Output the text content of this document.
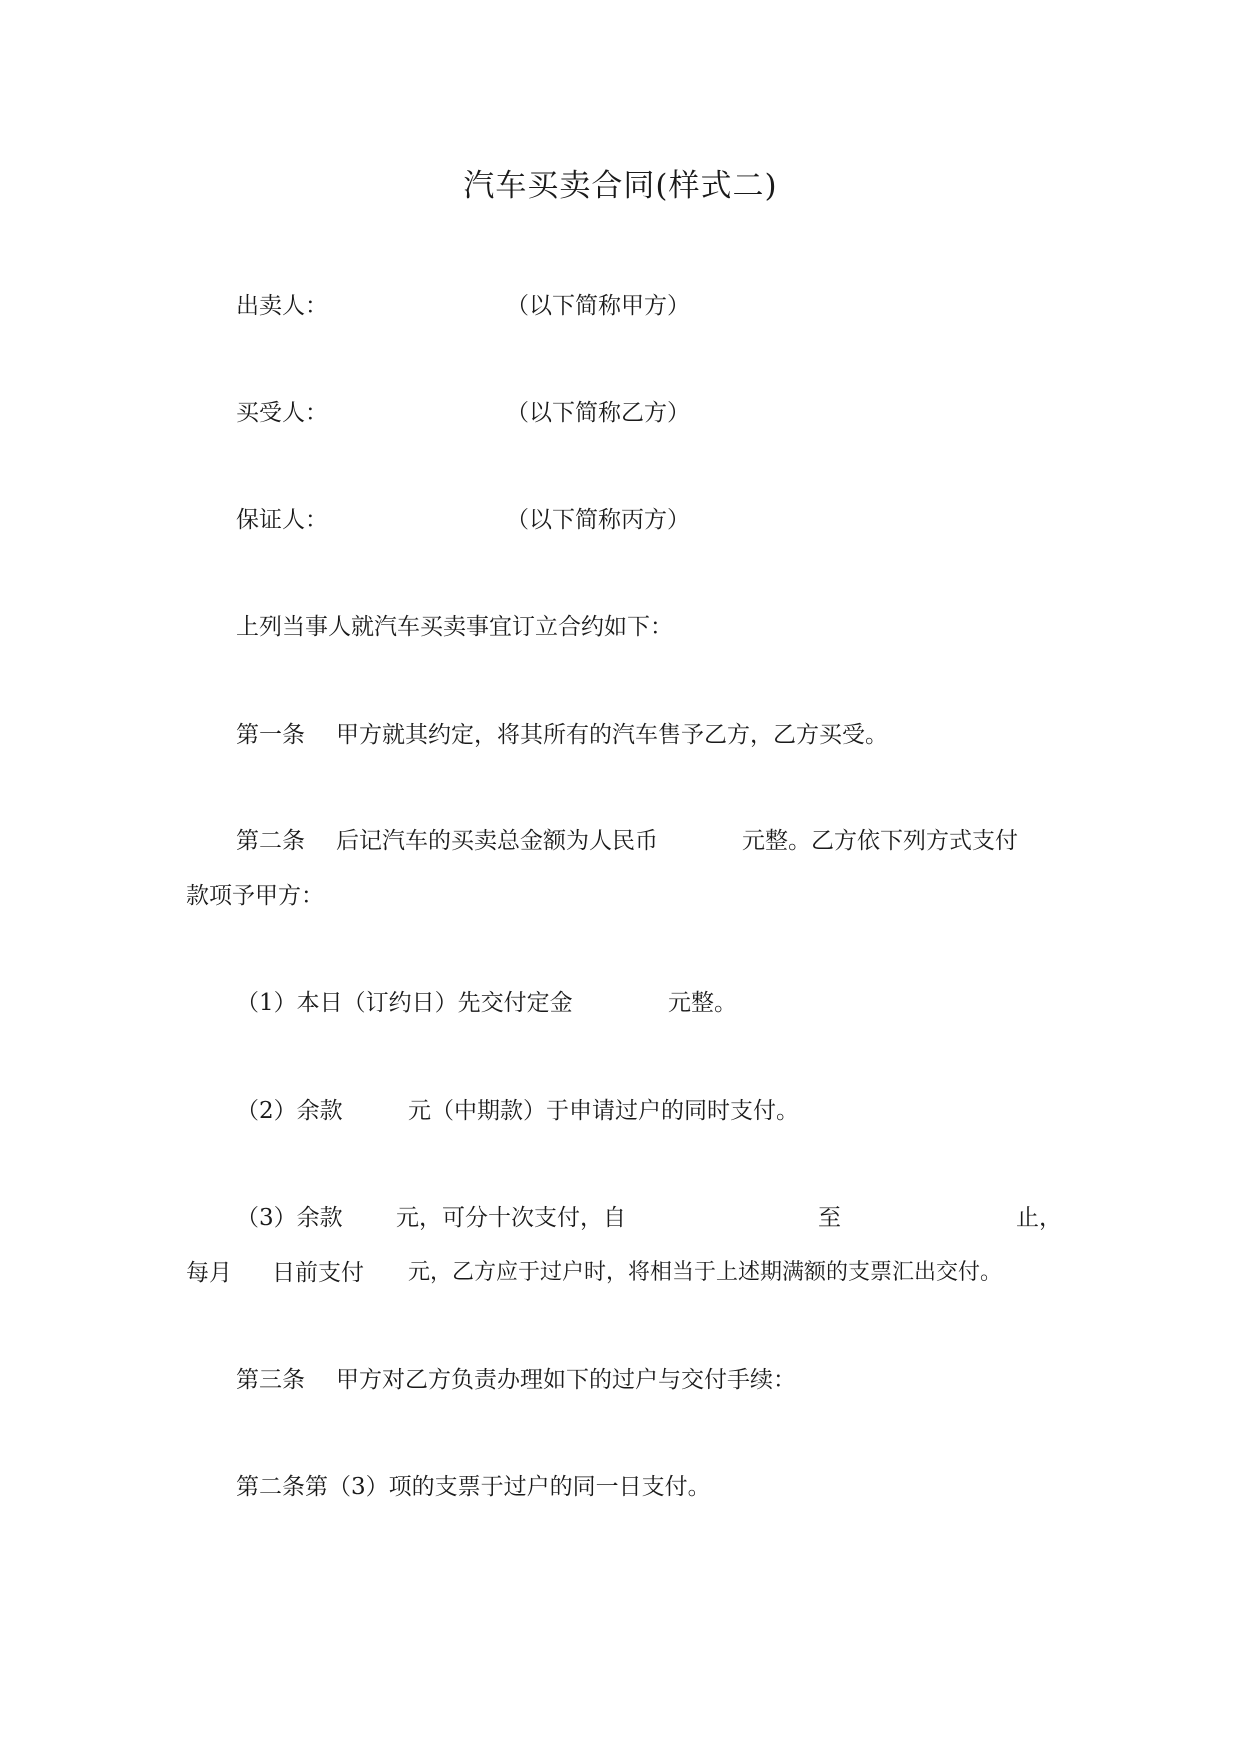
汽车买卖合同(样式二)
出卖人：	（以下简称甲方）
买受人：	（以下简称乙方）
保证人：	（以下简称丙方）
上列当事人就汽车买卖事宜订立合约如下：
第一条 甲方就其约定，将其所有的汽车售予乙方，乙方买受。
第二条 后记汽车的买卖总金额为人民币	元整。乙方依下列方式支付
款项予甲方：
（1）本日（订约日）先交付定金	元整。
（2）余款	元（中期款）于申请过户的同时支付。
（3）余款 元，可分十次支付，自	至	止，
每月 日前支付 元，乙方应于过户时，将相当于上述期满额的支票汇出交付。
第三条 甲方对乙方负责办理如下的过户与交付手续：
第二条第（3）项的支票于过户的同一日支付。
